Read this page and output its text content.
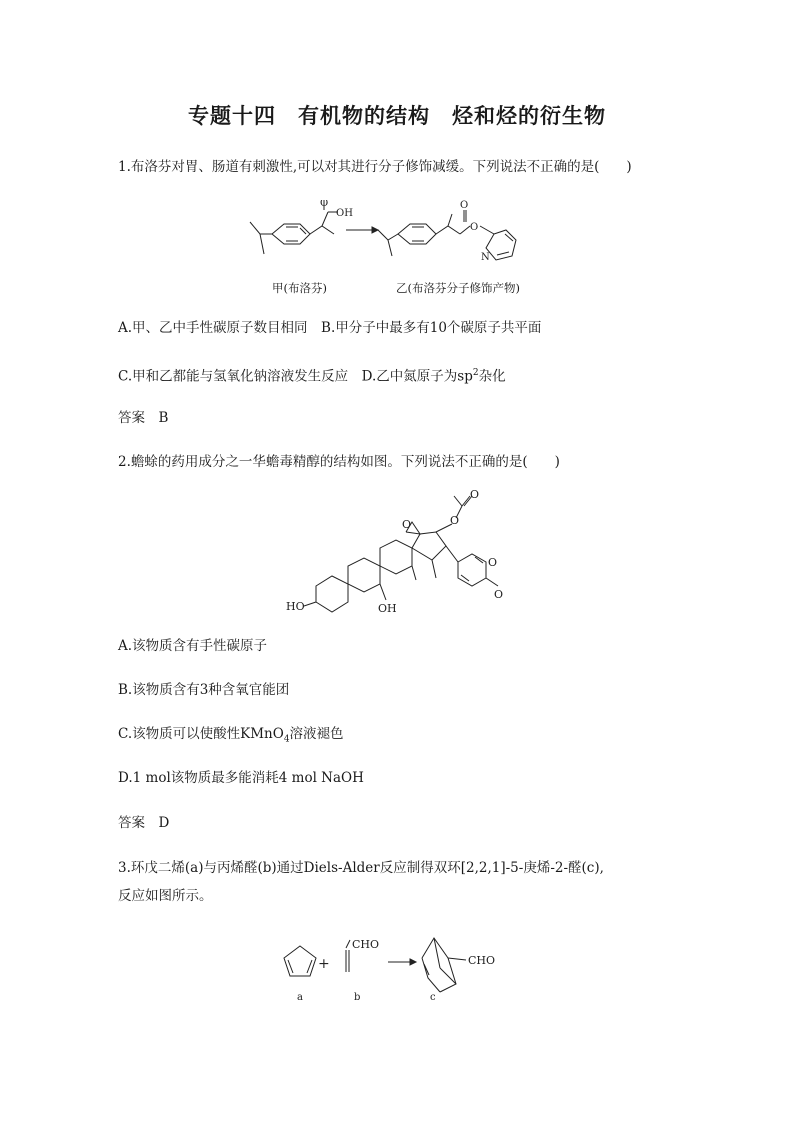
专题十四　有机物的结构　烃和烃的衍生物
1.布洛芬对胃、肠道有刺激性,可以对其进行分子修饰减缓。下列说法不正确的是(　　)
OH
O	O
O
N
甲(布洛芬)	乙(布洛芬分子修饰产物)
A.甲、乙中手性碳原子数目相同　B.甲分子中最多有10个碳原子共平面
C.甲和乙都能与氢氧化钠溶液发生反应　D.乙中氮原子为$sp^2$杂化
答案　B
2.蟾蜍的药用成分之一华蟾毒精醇的结构如图。下列说法不正确的是(　　)
HO	OH
O	O
O
O
O
A.该物质含有手性碳原子
B.该物质含有3种含氧官能团
C.该物质可以使酸性KMnO$_4$溶液褪色
D.1 mol该物质最多能消耗4 mol NaOH
答案　D
3.环戊二烯(a)与丙烯醛(b)通过Diels-Alder反应制得双环[2,2,1]-5-庚烯-2-醛(c),
反应如图所示。
+
CHO
CHO
a	b	c
